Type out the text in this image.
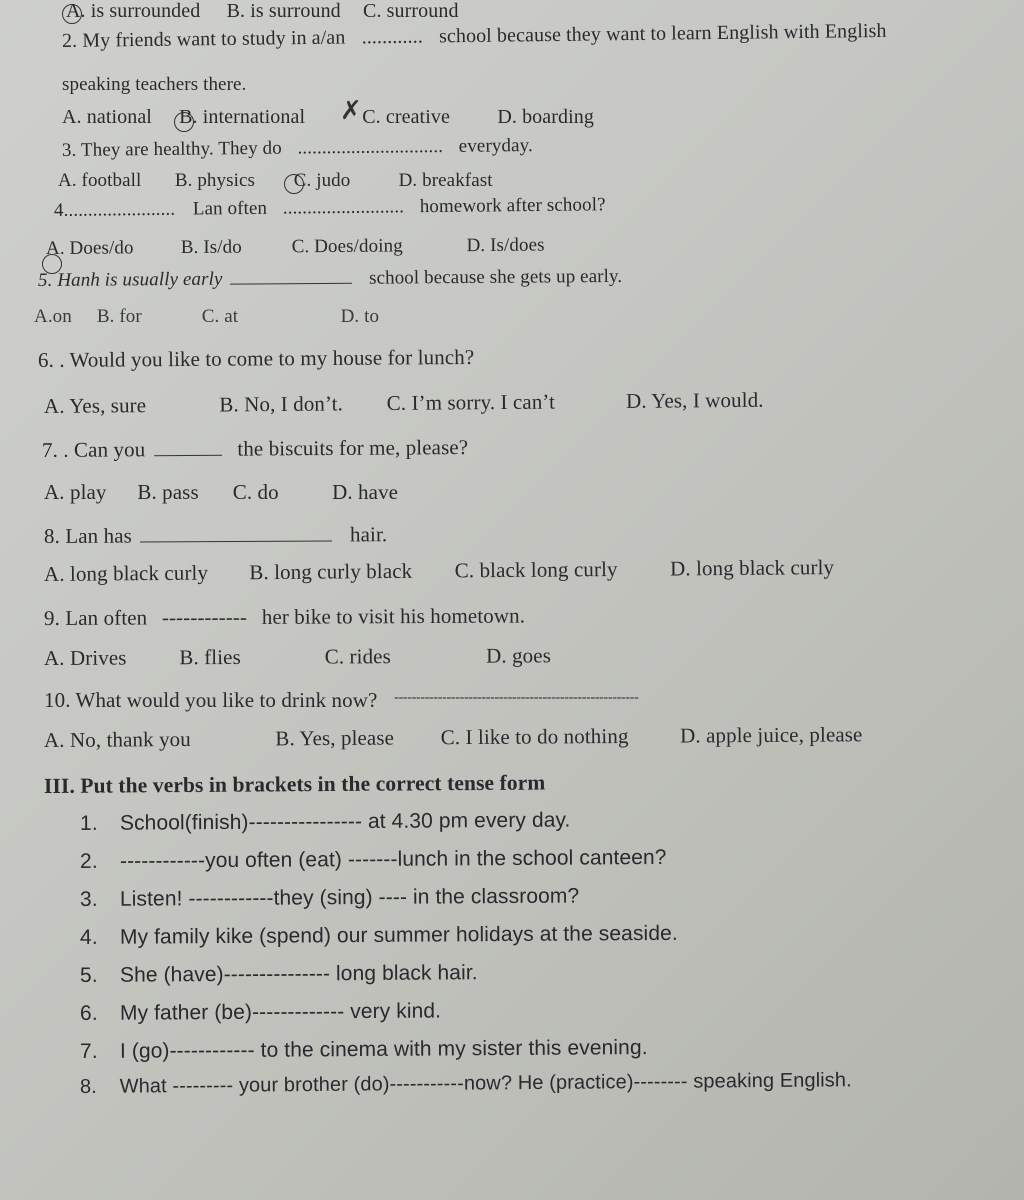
A. is surrounded B. is surround C. surround
2. My friends want to study in a/an ............ school because they want to learn English with English
speaking teachers there.
✗
A. national B. international	C. creative D. boarding
3. They are healthy. They do .............................. everyday.
A. football B. physics C. judo	D. breakfast
4....................... Lan often ......................... homework after school?
A. Does/do B. Is/do	C. Does/doing	D. Is/does
5. Hanh is usually early	school because she gets up early.
A.on B. for	C. at	D. to
6. . Would you like to come to my house for lunch?
A. Yes, sure	B. No, I don’t. C. I’m sorry. I can’t	D. Yes, I would.
7. . Can you	the biscuits for me, please?
A. play B. pass C. do	D. have
8. Lan has	hair.
A. long black curly B. long curly black C. black long curly D. long black curly
9. Lan often ------------ her bike to visit his hometown.
A. Drives	B. flies	C. rides	D. goes
10. What would you like to drink now? --------------------------------------------------------
A. No, thank you	B. Yes, please C. I like to do nothing D. apple juice, please
III. Put the verbs in brackets in the correct tense form
1. School(finish)---------------- at 4.30 pm every day.
2. ------------you often (eat) -------lunch in the school canteen?
3. Listen! ------------they (sing) ---- in the classroom?
4. My family kike (spend) our summer holidays at the seaside.
5. She (have)--------------- long black hair.
6. My father (be)------------- very kind.
7. I (go)------------ to the cinema with my sister this evening.
8. What --------- your brother (do)-----------now? He (practice)-------- speaking English.
